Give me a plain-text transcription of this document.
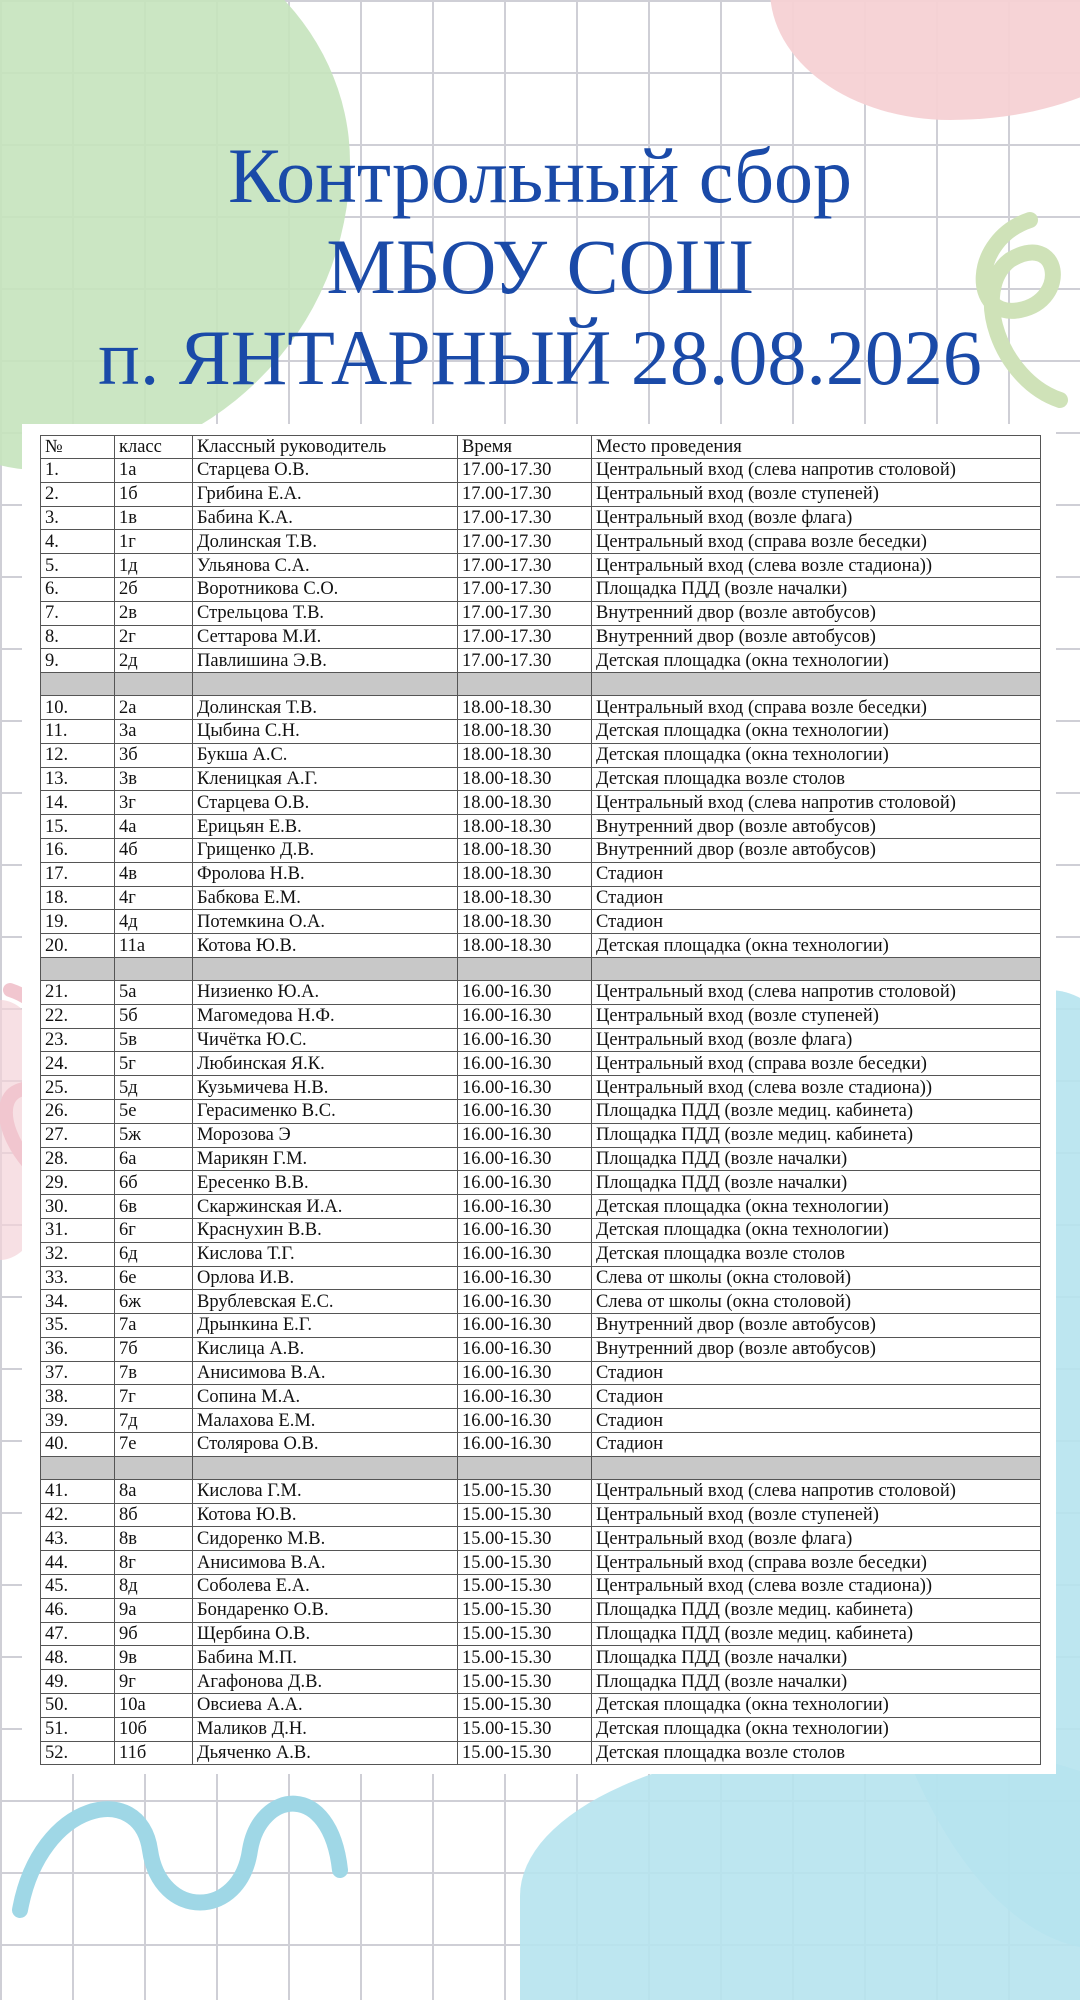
Контрольный сбор
МБОУ СОШ
п. ЯНТАРНЫЙ 28.08.2026
№	класс	Классный руководитель	Время	Место проведения
1.	1а	Старцева О.В.	17.00-17.30	Центральный вход (слева напротив столовой)
2.	1б	Грибина Е.А.	17.00-17.30	Центральный вход (возле ступеней)
3.	1в	Бабина К.А.	17.00-17.30	Центральный вход (возле флага)
4.	1г	Долинская Т.В.	17.00-17.30	Центральный вход (справа возле беседки)
5.	1д	Ульянова С.А.	17.00-17.30	Центральный вход (слева возле стадиона))
6.	2б	Воротникова С.О.	17.00-17.30	Площадка ПДД (возле началки)
7.	2в	Стрельцова Т.В.	17.00-17.30	Внутренний двор (возле автобусов)
8.	2г	Сеттарова М.И.	17.00-17.30	Внутренний двор (возле автобусов)
9.	2д	Павлишина Э.В.	17.00-17.30	Детская площадка (окна технологии)

10.	2а	Долинская Т.В.	18.00-18.30	Центральный вход (справа возле беседки)
11.	3а	Цыбина С.Н.	18.00-18.30	Детская площадка (окна технологии)
12.	3б	Букша А.С.	18.00-18.30	Детская площадка (окна технологии)
13.	3в	Кленицкая А.Г.	18.00-18.30	Детская площадка возле столов
14.	3г	Старцева О.В.	18.00-18.30	Центральный вход (слева напротив столовой)
15.	4а	Ерицьян Е.В.	18.00-18.30	Внутренний двор (возле автобусов)
16.	4б	Грищенко Д.В.	18.00-18.30	Внутренний двор (возле автобусов)
17.	4в	Фролова Н.В.	18.00-18.30	Стадион
18.	4г	Бабкова Е.М.	18.00-18.30	Стадион
19.	4д	Потемкина О.А.	18.00-18.30	Стадион
20.	11а	Котова Ю.В.	18.00-18.30	Детская площадка (окна технологии)

21.	5а	Низиенко Ю.А.	16.00-16.30	Центральный вход (слева напротив столовой)
22.	5б	Магомедова Н.Ф.	16.00-16.30	Центральный вход (возле ступеней)
23.	5в	Чичётка Ю.С.	16.00-16.30	Центральный вход (возле флага)
24.	5г	Любинская Я.К.	16.00-16.30	Центральный вход (справа возле беседки)
25.	5д	Кузьмичева Н.В.	16.00-16.30	Центральный вход (слева возле стадиона))
26.	5е	Герасименко В.С.	16.00-16.30	Площадка ПДД (возле медиц. кабинета)
27.	5ж	Морозова Э	16.00-16.30	Площадка ПДД (возле медиц. кабинета)
28.	6а	Марикян Г.М.	16.00-16.30	Площадка ПДД (возле началки)
29.	6б	Ересенко В.В.	16.00-16.30	Площадка ПДД (возле началки)
30.	6в	Скаржинская И.А.	16.00-16.30	Детская площадка (окна технологии)
31.	6г	Краснухин В.В.	16.00-16.30	Детская площадка (окна технологии)
32.	6д	Кислова Т.Г.	16.00-16.30	Детская площадка возле столов
33.	6е	Орлова И.В.	16.00-16.30	Слева от школы (окна столовой)
34.	6ж	Врублевская Е.С.	16.00-16.30	Слева от школы (окна столовой)
35.	7а	Дрынкина Е.Г.	16.00-16.30	Внутренний двор (возле автобусов)
36.	7б	Кислица А.В.	16.00-16.30	Внутренний двор (возле автобусов)
37.	7в	Анисимова В.А.	16.00-16.30	Стадион
38.	7г	Сопина М.А.	16.00-16.30	Стадион
39.	7д	Малахова Е.М.	16.00-16.30	Стадион
40.	7е	Столярова О.В.	16.00-16.30	Стадион

41.	8а	Кислова Г.М.	15.00-15.30	Центральный вход (слева напротив столовой)
42.	8б	Котова Ю.В.	15.00-15.30	Центральный вход (возле ступеней)
43.	8в	Сидоренко М.В.	15.00-15.30	Центральный вход (возле флага)
44.	8г	Анисимова В.А.	15.00-15.30	Центральный вход (справа возле беседки)
45.	8д	Соболева Е.А.	15.00-15.30	Центральный вход (слева возле стадиона))
46.	9а	Бондаренко О.В.	15.00-15.30	Площадка ПДД (возле медиц. кабинета)
47.	9б	Щербина О.В.	15.00-15.30	Площадка ПДД (возле медиц. кабинета)
48.	9в	Бабина М.П.	15.00-15.30	Площадка ПДД (возле началки)
49.	9г	Агафонова Д.В.	15.00-15.30	Площадка ПДД (возле началки)
50.	10а	Овсиева А.А.	15.00-15.30	Детская площадка (окна технологии)
51.	10б	Маликов Д.Н.	15.00-15.30	Детская площадка (окна технологии)
52.	11б	Дьяченко А.В.	15.00-15.30	Детская площадка возле столов
